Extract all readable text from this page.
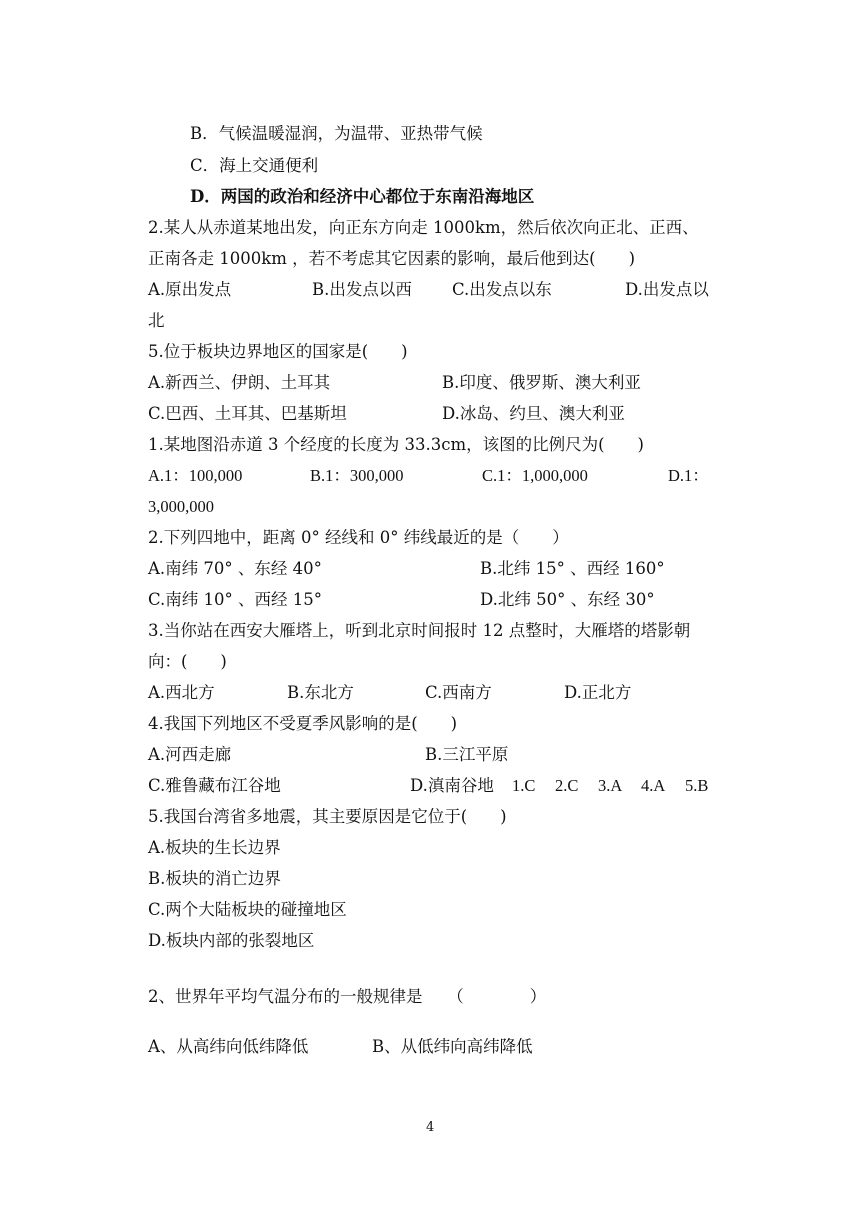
B．气候温暖湿润，为温带、亚热带气候
C．海上交通便利
D．两国的政治和经济中心都位于东南沿海地区
2.某人从赤道某地出发，向正东方向走 1000km，然后依次向正北、正西、
正南各走 1000km ，若不考虑其它因素的影响，最后他到达(　　)
A.原出发点	B.出发点以西 C.出发点以东	D.出发点以
北
5.位于板块边界地区的国家是(　　)
A.新西兰、伊朗、土耳其	B.印度、俄罗斯、澳大利亚
C.巴西、土耳其、巴基斯坦	D.冰岛、约旦、澳大利亚
1.某地图沿赤道 3 个经度的长度为 33.3cm，该图的比例尺为(　　)
A.1：100,000	B.1：300,000	C.1：1,000,000	D.1：
3,000,000
2.下列四地中，距离 0° 经线和 0° 纬线最近的是（　　）
A.南纬 70° 、东经 40°	B.北纬 15° 、西经 160°
C.南纬 10° 、西经 15°	D.北纬 50° 、东经 30°
3.当你站在西安大雁塔上，听到北京时间报时 12 点整时，大雁塔的塔影朝
向：(　　)
A.西北方	B.东北方	C.西南方	D.正北方
4.我国下列地区不受夏季风影响的是(　　)
A.河西走廊	B.三江平原
C.雅鲁藏布江谷地	D.滇南谷地 1.C 2.C 3.A 4.A 5.B
5.我国台湾省多地震，其主要原因是它位于(　　)
A.板块的生长边界
B.板块的消亡边界
C.两个大陆板块的碰撞地区
D.板块内部的张裂地区
2、世界年平均气温分布的一般规律是　　（　　　　）
A、从高纬向低纬降低	B、从低纬向高纬降低
4
